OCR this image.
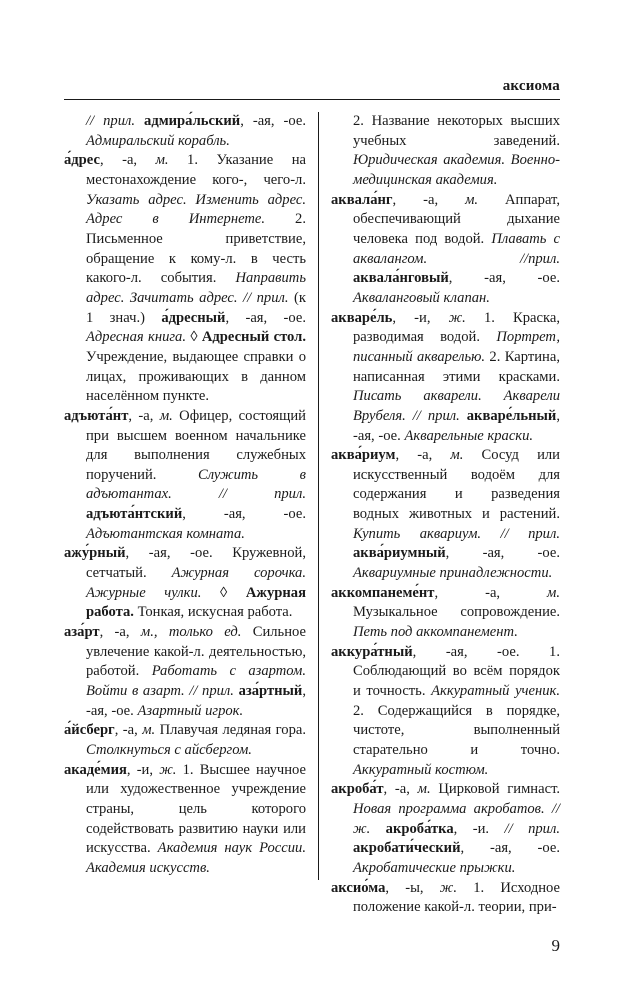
аксиома

// прил. адмира́льский, -ая, -ое. Адмиральский корабль.

а́дрес, -а, м. 1. Указание на местонахождение кого-, чего-л. Указать адрес. Изменить адрес. Адрес в Интернете. 2. Письменное приветствие, обращение к кому-л. в честь какого-л. события. Направить адрес. Зачитать адрес. // прил. (к 1 знач.) а́дресный, -ая, -ое. Адресная книга. ◊ Адресный стол. Учреждение, выдающее справки о лицах, проживающих в данном населённом пункте.

адъюта́нт, -а, м. Офицер, состоящий при высшем военном начальнике для выполнения служебных поручений. Служить в адъютантах. // прил. адъюта́нтский, -ая, -ое. Адъютантская комната.

ажу́рный, -ая, -ое. Кружевной, сетчатый. Ажурная сорочка. Ажурные чулки. ◊ Ажурная работа. Тонкая, искусная работа.

аза́рт, -а, м., только ед. Сильное увлечение какой-л. деятельностью, работой. Работать с азартом. Войти в азарт. // прил. аза́ртный, -ая, -ое. Азартный игрок.

а́йсберг, -а, м. Плавучая ледяная гора. Столкнуться с айсбергом.

акаде́мия, -и, ж. 1. Высшее научное или художественное учреждение страны, цель которого содействовать развитию науки или искусства. Академия наук России. Академия искусств.

2. Название некоторых высших учебных заведений. Юридическая академия. Военно-медицинская академия.

аквала́нг, -а, м. Аппарат, обеспечивающий дыхание человека под водой. Плавать с аквалангом. //прил. аквала́нговый, -ая, -ое. Акваланговый клапан.

акваре́ль, -и, ж. 1. Краска, разводимая водой. Портрет, писанный акварелью. 2. Картина, написанная этими красками. Писать акварели. Акварели Врубеля. // прил. акваре́льный, -ая, -ое. Акварельные краски.

аква́риум, -а, м. Сосуд или искусственный водоём для содержания и разведения водных животных и растений. Купить аквариум. // прил. аква́риумный, -ая, -ое. Аквариумные принадлежности.

аккомпанеме́нт, -а, м. Музыкальное сопровождение. Петь под аккомпанемент.

аккура́тный, -ая, -ое. 1. Соблюдающий во всём порядок и точность. Аккуратный ученик. 2. Содержащийся в порядке, чистоте, выполненный старательно и точно. Аккуратный костюм.

акроба́т, -а, м. Цирковой гимнаст. Новая программа акробатов. // ж. акроба́тка, -и. // прил. акробати́ческий, -ая, -ое. Акробатические прыжки.

аксио́ма, -ы, ж. 1. Исходное положение какой-л. теории, при-

9
